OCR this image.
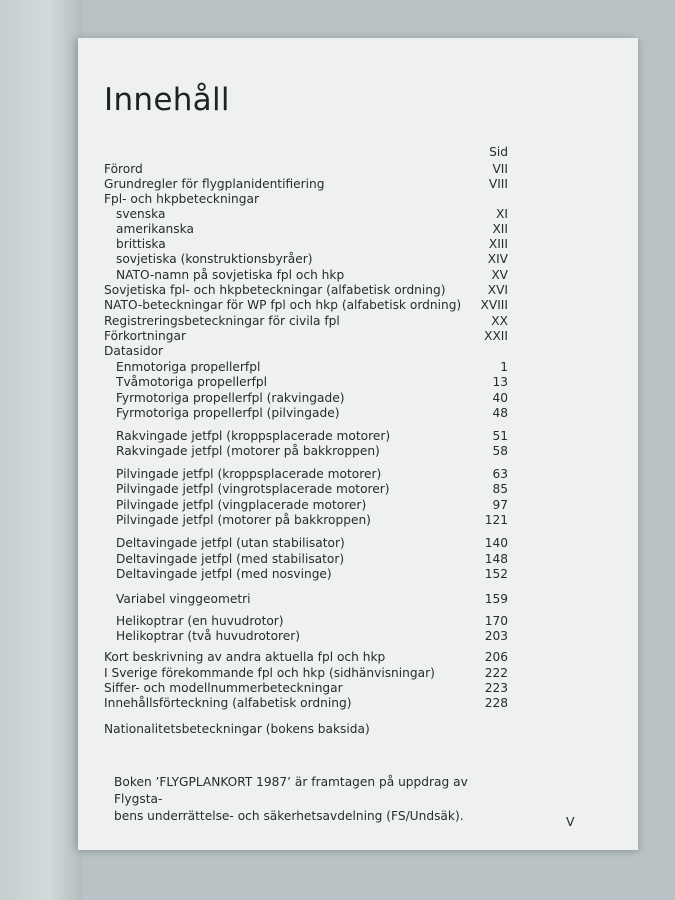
Innehåll
Sid
Förord	VII
Grundregler för flygplanidentifiering	VIII
Fpl- och hkpbeteckningar
svenska	XI
amerikanska	XII
brittiska	XIII
sovjetiska (konstruktionsbyråer)	XIV
NATO-namn på sovjetiska fpl och hkp	XV
Sovjetiska fpl- och hkpbeteckningar (alfabetisk ordning)	XVI
NATO-beteckningar för WP fpl och hkp (alfabetisk ordning) XVIII
Registreringsbeteckningar för civila fpl	XX
Förkortningar	XXII
Datasidor
Enmotoriga propellerfpl	1
Tvåmotoriga propellerfpl	13
Fyrmotoriga propellerfpl (rakvingade)	40
Fyrmotoriga propellerfpl (pilvingade)	48
Rakvingade jetfpl (kroppsplacerade motorer)	51
Rakvingade jetfpl (motorer på bakkroppen)	58
Pilvingade jetfpl (kroppsplacerade motorer)	63
Pilvingade jetfpl (vingrotsplacerade motorer)	85
Pilvingade jetfpl (vingplacerade motorer)	97
Pilvingade jetfpl (motorer på bakkroppen)	121
Deltavingade jetfpl (utan stabilisator)	140
Deltavingade jetfpl (med stabilisator)	148
Deltavingade jetfpl (med nosvinge)	152
Variabel vinggeometri	159
Helikoptrar (en huvudrotor)	170
Helikoptrar (två huvudrotorer)	203
Kort beskrivning av andra aktuella fpl och hkp	206
I Sverige förekommande fpl och hkp (sidhänvisningar)	222
Siffer- och modellnummerbeteckningar	223
Innehållsförteckning (alfabetisk ordning)	228
Nationalitetsbeteckningar (bokens baksida)
Boken ’FLYGPLANKORT 1987’ är framtagen på uppdrag av Flygsta-
bens underrättelse- och säkerhetsavdelning (FS/Undsäk).	V
